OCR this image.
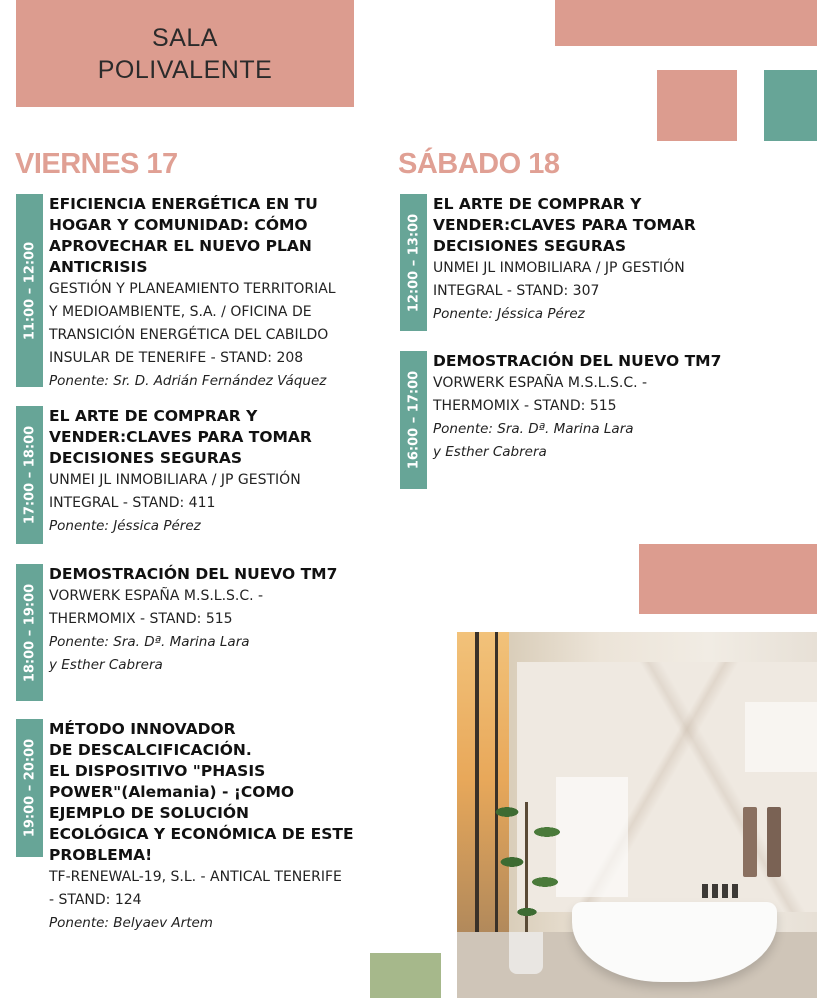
SALA
POLIVALENTE
VIERNES 17	SÁBADO 18
11:00 – 12:00
EFICIENCIA ENERGÉTICA EN TU
HOGAR Y COMUNIDAD: CÓMO
APROVECHAR EL NUEVO PLAN
ANTICRISIS
GESTIÓN Y PLANEAMIENTO TERRITORIAL
Y MEDIOAMBIENTE, S.A. / OFICINA DE
TRANSICIÓN ENERGÉTICA DEL CABILDO
INSULAR DE TENERIFE - STAND: 208
Ponente: Sr. D. Adrián Fernández Váquez
17:00 – 18:00
EL ARTE DE COMPRAR Y
VENDER:CLAVES PARA TOMAR
DECISIONES SEGURAS
UNMEI JL INMOBILIARA / JP GESTIÓN
INTEGRAL - STAND: 411
Ponente: Jéssica Pérez
18:00 – 19:00
DEMOSTRACIÓN DEL NUEVO TM7
VORWERK ESPAÑA M.S.L.S.C. -
THERMOMIX - STAND: 515
Ponente: Sra. Dª. Marina Lara
y Esther Cabrera
19:00 – 20:00
MÉTODO INNOVADOR
DE DESCALCIFICACIÓN.
EL DISPOSITIVO "PHASIS
POWER"(Alemania) - ¡COMO
EJEMPLO DE SOLUCIÓN
ECOLÓGICA Y ECONÓMICA DE ESTE
PROBLEMA!
TF-RENEWAL-19, S.L. - ANTICAL TENERIFE
- STAND: 124
Ponente: Belyaev Artem
12:00 – 13:00
EL ARTE DE COMPRAR Y
VENDER:CLAVES PARA TOMAR
DECISIONES SEGURAS
UNMEI JL INMOBILIARA / JP GESTIÓN
INTEGRAL - STAND: 307
Ponente: Jéssica Pérez
16:00 – 17:00
DEMOSTRACIÓN DEL NUEVO TM7
VORWERK ESPAÑA M.S.L.S.C. -
THERMOMIX - STAND: 515
Ponente: Sra. Dª. Marina Lara
y Esther Cabrera
